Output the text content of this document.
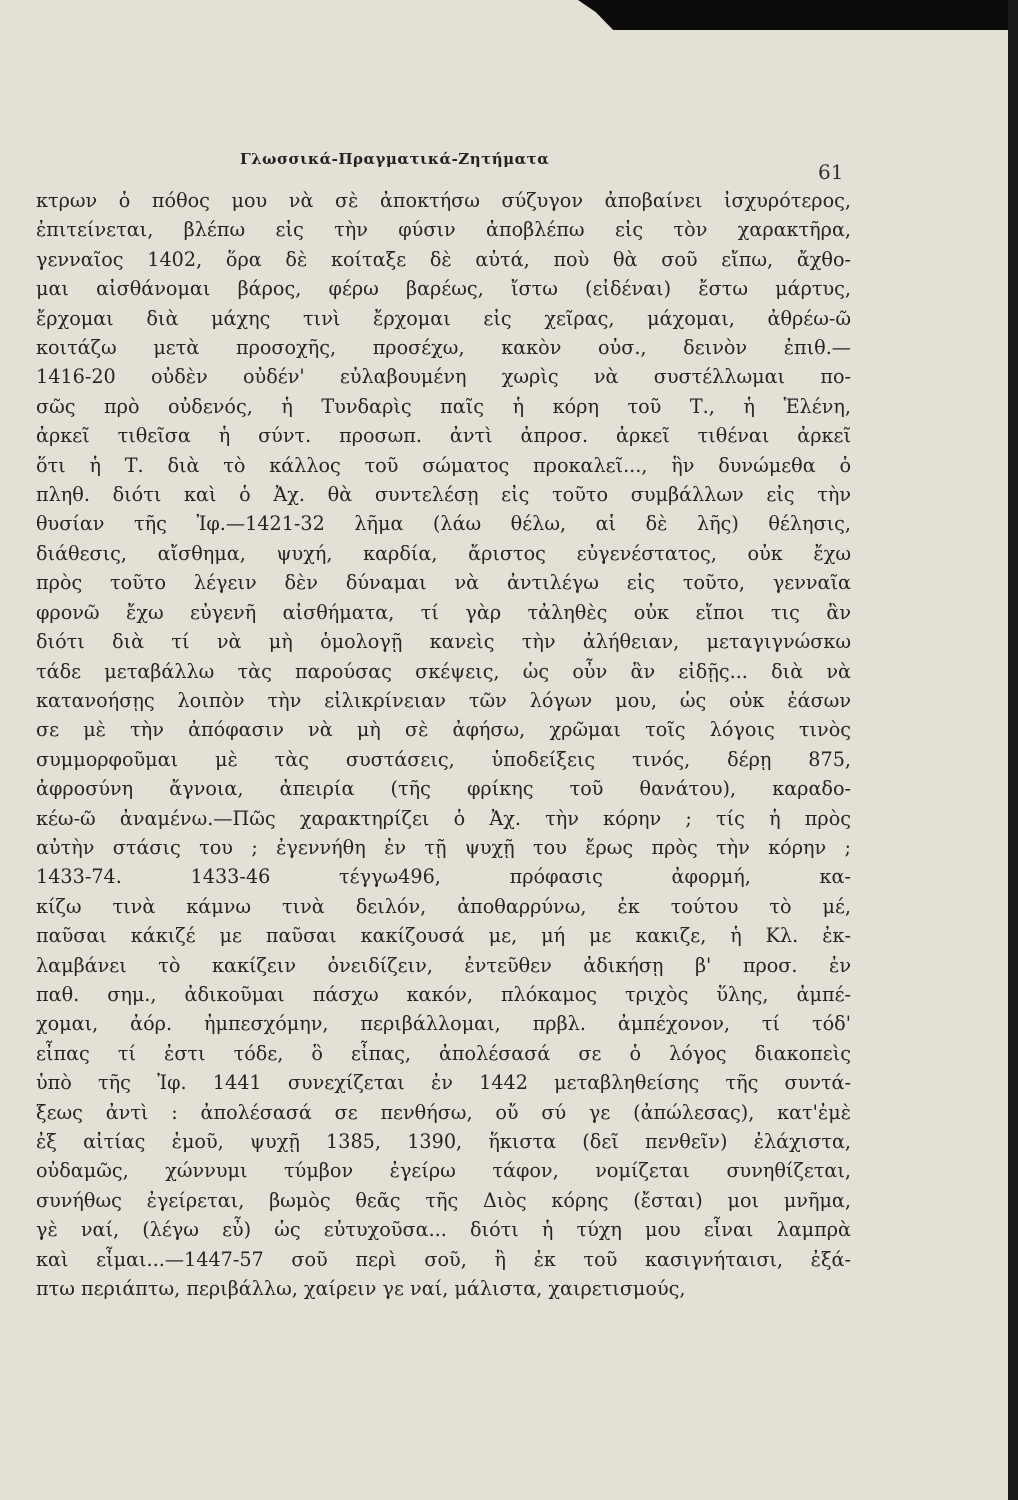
Γλωσσικά-Πραγματικά-Ζητήματα
61
κτρων ὁ πόθος μου νὰ σὲ ἀποκτήσω σύζυγον ἀποβαίνει ἰσχυρότερος,
ἐπιτείνεται, βλέπω εἰς τὴν φύσιν ἀποβλέπω εἰς τὸν χαρακτῆρα,
γενναῖος 1402, ὅρα δὲ κοίταξε δὲ αὐτά, ποὺ θὰ σοῦ εἴπω, ἄχθο-
μαι αἰσθάνομαι βάρος, φέρω βαρέως, ἴστω (εἰδέναι) ἔστω μάρτυς,
ἔρχομαι διὰ μάχης τινὶ ἔρχομαι εἰς χεῖρας, μάχομαι, ἀθρέω-ῶ
κοιτάζω μετὰ προσοχῆς, προσέχω, κακὸν οὐσ., δεινὸν ἐπιθ.—
1416-20 οὐδὲν οὐδέν' εὐλαβουμένη χωρὶς νὰ συστέλλωμαι πο-
σῶς πρὸ οὐδενός, ἡ Τυνδαρὶς παῖς ἡ κόρη τοῦ Τ., ἡ Ἑλένη,
ἀρκεῖ τιθεῖσα ἡ σύντ. προσωπ. ἀντὶ ἀπροσ. ἀρκεῖ τιθέναι ἀρκεῖ
ὅτι ἡ Τ. διὰ τὸ κάλλος τοῦ σώματος προκαλεῖ..., ἣν δυνώμεθα ὁ
πληθ. διότι καὶ ὁ Ἀχ. θὰ συντελέσῃ εἰς τοῦτο συμβάλλων εἰς τὴν
θυσίαν τῆς Ἰφ.—1421-32 λῆμα (λάω θέλω, αἱ δὲ λῆς) θέλησις,
διάθεσις, αἴσθημα, ψυχή, καρδία, ἄριστος εὐγενέστατος, οὐκ ἔχω
πρὸς τοῦτο λέγειν δὲν δύναμαι νὰ ἀντιλέγω εἰς τοῦτο, γενναῖα
φρονῶ ἔχω εὐγενῆ αἰσθήματα, τί γὰρ τἀληθὲς οὐκ εἴποι τις ἂν
διότι διὰ τί νὰ μὴ ὁμολογῇ κανεὶς τὴν ἀλήθειαν, μεταγιγνώσκω
τάδε μεταβάλλω τὰς παρούσας σκέψεις, ὡς οὖν ἂν εἰδῇς... διὰ νὰ
κατανοήσῃς λοιπὸν τὴν εἰλικρίνειαν τῶν λόγων μου, ὡς οὐκ ἐάσων
σε μὲ τὴν ἀπόφασιν νὰ μὴ σὲ ἀφήσω, χρῶμαι τοῖς λόγοις τινὸς
συμμορφοῦμαι μὲ τὰς συστάσεις, ὑποδείξεις τινός, δέρῃ 875,
ἀφροσύνη ἄγνοια, ἀπειρία (τῆς φρίκης τοῦ θανάτου), καραδο-
κέω-ῶ ἀναμένω.—Πῶς χαρακτηρίζει ὁ Ἀχ. τὴν κόρην ; τίς ἡ πρὸς
αὐτὴν στάσις του ; ἐγεννήθη ἐν τῇ ψυχῇ του ἔρως πρὸς τὴν κόρην ;
1433-74. 1433-46 τέγγω496, πρόφασις ἀφορμή, κα-
κίζω τινὰ κάμνω τινὰ δειλόν, ἀποθαρρύνω, ἐκ τούτου τὸ μέ,
παῦσαι κάκιζέ με παῦσαι κακίζουσά με, μή με κακιζε, ἡ Κλ. ἐκ-
λαμβάνει τὸ κακίζειν ὀνειδίζειν, ἐντεῦθεν ἀδικήσῃ β' προσ. ἐν
παθ. σημ., ἀδικοῦμαι πάσχω κακόν, πλόκαμος τριχὸς ὕλης, ἀμπέ-
χομαι, ἀόρ. ἠμπεσχόμην, περιβάλλομαι, πρβλ. ἀμπέχονον, τί τόδ'
εἶπας τί ἐστι τόδε, ὃ εἶπας, ἀπολέσασά σε ὁ λόγος διακοπεὶς
ὑπὸ τῆς Ἰφ. 1441 συνεχίζεται ἐν 1442 μεταβληθείσης τῆς συντά-
ξεως ἀντὶ : ἀπολέσασά σε πενθήσω, οὔ σύ γε (ἀπώλεσας), κατ'ἐμὲ
ἐξ αἰτίας ἐμοῦ, ψυχῇ 1385, 1390, ἥκιστα (δεῖ πενθεῖν) ἐλάχιστα,
οὐδαμῶς, χώννυμι τύμβον ἐγείρω τάφον, νομίζεται συνηθίζεται,
συνήθως ἐγείρεται, βωμὸς θεᾶς τῆς Διὸς κόρης (ἔσται) μοι μνῆμα,
γὲ ναί, (λέγω εὖ) ὡς εὐτυχοῦσα... διότι ἡ τύχη μου εἶναι λαμπρὰ
καὶ εἶμαι...—1447-57 σοῦ περὶ σοῦ, ἢ ἐκ τοῦ κασιγνήταισι, ἐξά-
πτω περιάπτω, περιβάλλω, χαίρειν γε ναί, μάλιστα, χαιρετισμούς,
